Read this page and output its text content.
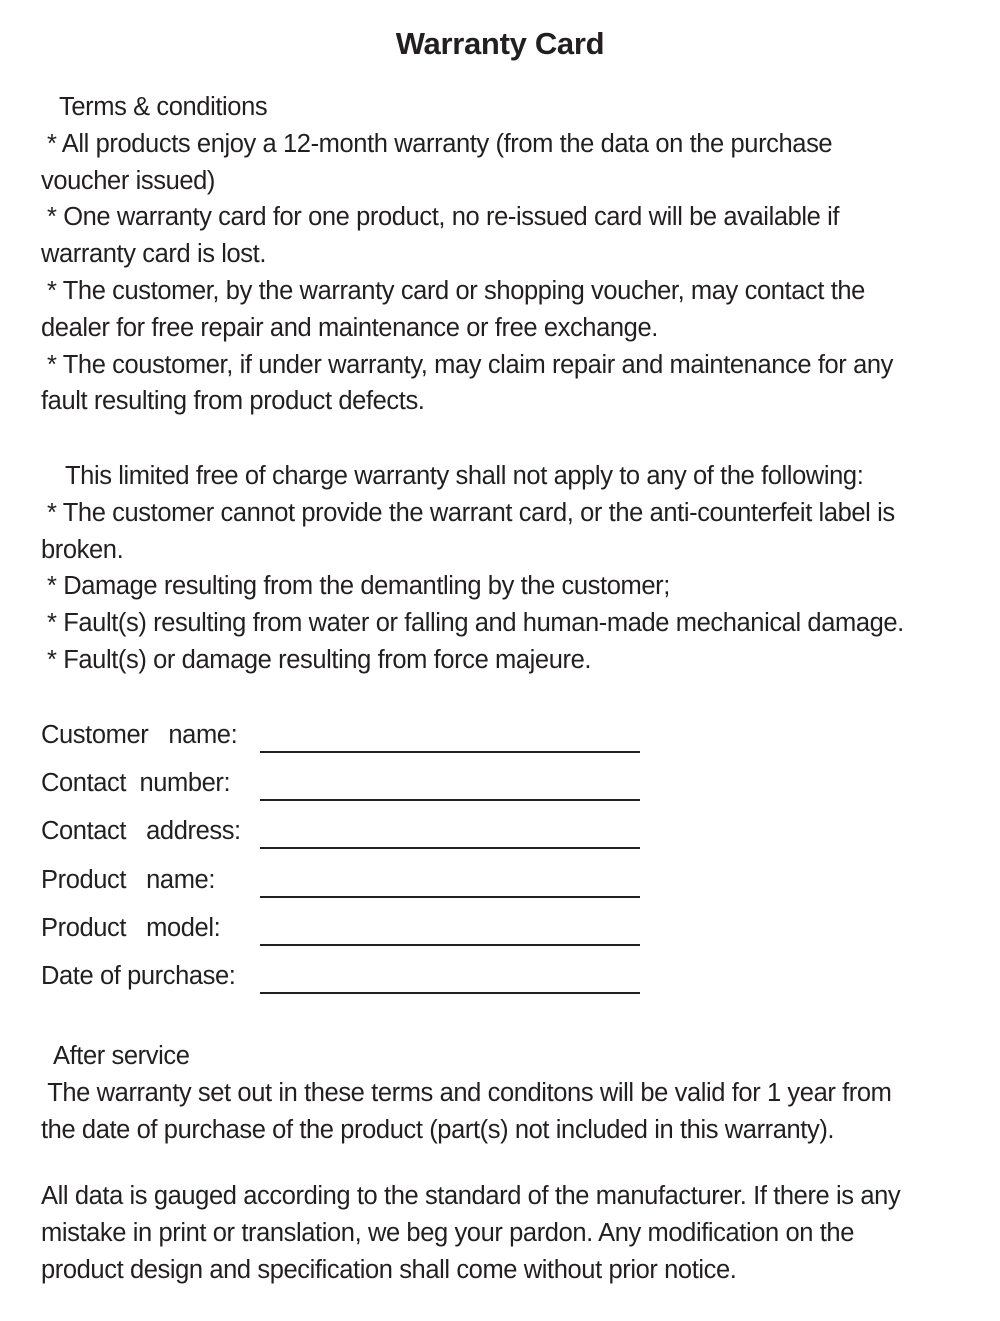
Warranty Card

Terms & conditions

* All products enjoy a 12-month warranty (from the data on the purchase

voucher issued)

* One warranty card for one product, no re-issued card will be available if

warranty card is lost.

* The customer, by the warranty card or shopping voucher, may contact the

dealer for free repair and maintenance or free exchange.

* The coustomer, if under warranty, may claim repair and maintenance for any

fault resulting from product defects.

This limited free of charge warranty shall not apply to any of the following:

* The customer cannot provide the warrant card, or the anti-counterfeit label is

broken.

* Damage resulting from the demantling by the customer;

* Fault(s) resulting from water or falling and human-made mechanical damage.

* Fault(s) or damage resulting from force majeure.

Customer   name:
Contact  number:
Contact   address:
Product   name:
Product   model:
Date of purchase:

After service

The warranty set out in these terms and conditons will be valid for 1 year from

the date of purchase of the product (part(s) not included in this warranty).

All data is gauged according to the standard of the manufacturer. If there is any

mistake in print or translation, we beg your pardon. Any modification on the

product design and specification shall come without prior notice.
